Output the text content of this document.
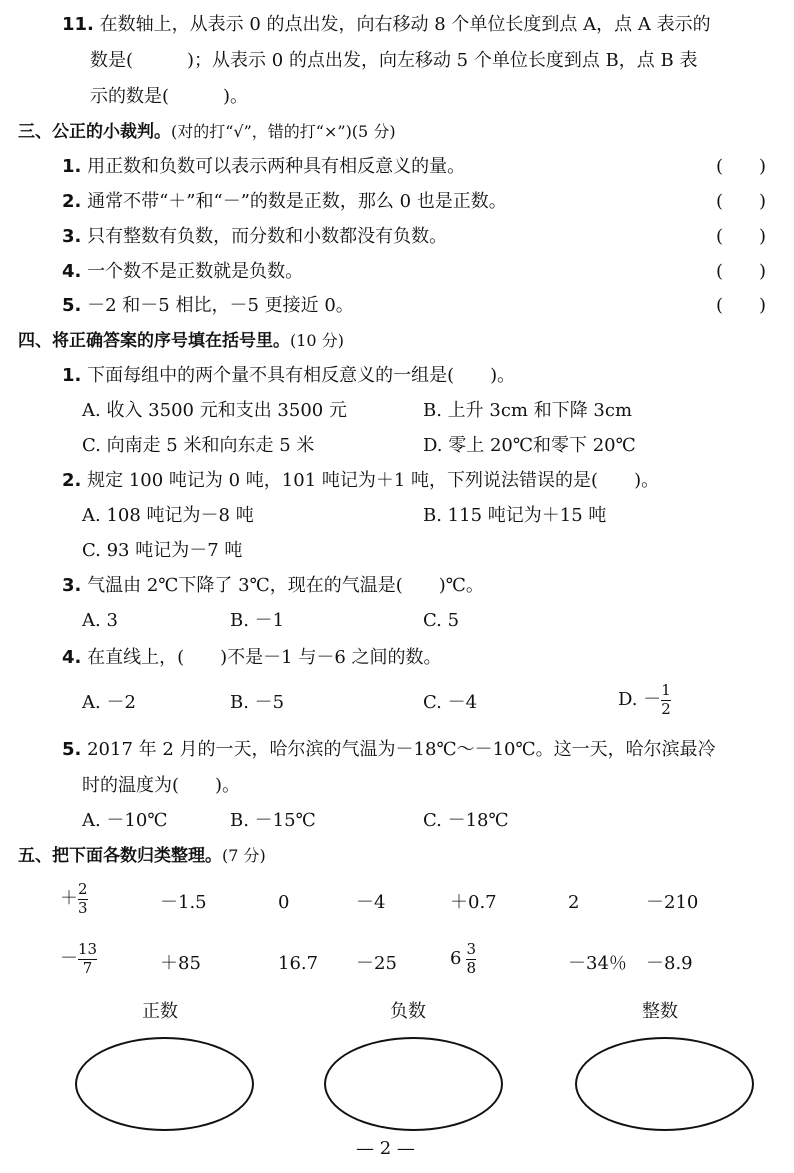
11. 在数轴上，从表示 0 的点出发，向右移动 8 个单位长度到点 A，点 A 表示的
数是(　　　)；从表示 0 的点出发，向左移动 5 个单位长度到点 B，点 B 表
示的数是(　　　)。
三、公正的小裁判。(对的打“√”，错的打“×”)(5 分)
1. 用正数和负数可以表示两种具有相反意义的量。	(　　)
2. 通常不带“＋”和“－”的数是正数，那么 0 也是正数。	(　　)
3. 只有整数有负数，而分数和小数都没有负数。	(　　)
4. 一个数不是正数就是负数。	(　　)
5. －2 和－5 相比，－5 更接近 0。	(　　)
四、将正确答案的序号填在括号里。(10 分)
1. 下面每组中的两个量不具有相反意义的一组是(　　)。
A. 收入 3500 元和支出 3500 元	B. 上升 3cm 和下降 3cm
C. 向南走 5 米和向东走 5 米	D. 零上 20℃和零下 20℃
2. 规定 100 吨记为 0 吨，101 吨记为＋1 吨，下列说法错误的是(　　)。
A. 108 吨记为－8 吨	B. 115 吨记为＋15 吨
C. 93 吨记为－7 吨
3. 气温由 2℃下降了 3℃，现在的气温是(　　)℃。
A. 3	B. －1	C. 5
4. 在直线上，(　　)不是－1 与－6 之间的数。
A. －2	B. －5	C. －4	D. － $\frac{1}{2}$
5. 2017 年 2 月的一天，哈尔滨的气温为－18℃～－10℃。这一天，哈尔滨最冷
时的温度为(　　)。
A. －10℃	B. －15℃	C. －18℃
五、把下面各数归类整理。(7 分)
＋ $\frac{2}{3}$	－1.5	0	－4	＋0.7	2	－210
－ $\frac{13}{7}$	＋85	16.7 －25	$6 \frac{3}{8}$	－34％ －8.9
正数	负数	整数
— 2 —
